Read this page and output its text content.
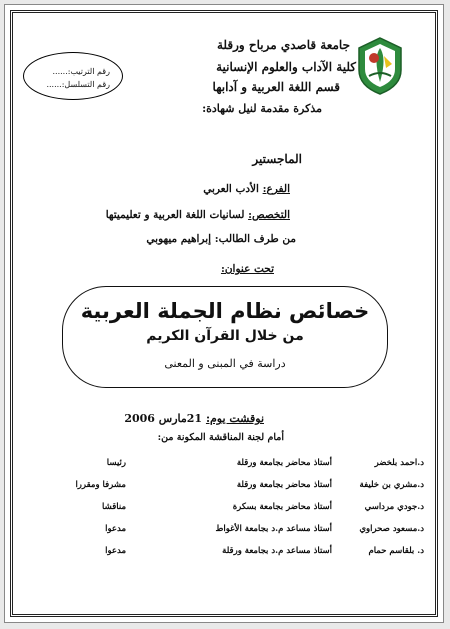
رقم الترتيب:......
رقم التسلسل:......
جامعة قاصدي مرباح ورقلة
كلية الآداب والعلوم الإنسانية
قسم اللغة العربية و آدابها
مذكرة مقدمة لنيل شهادة:
الماجستير
الفرع: الأدب العربي
التخصص: لسانيات اللغة العربية و تعليميتها
من طرف الطالب: إبراهيم ميهوبي
تحت عنوان:
خصائص نظام الجملة العربية
من خلال القرآن الكريم
دراسة في المبنى و المعنى
نوقشت يوم: 21مارس 2006
أمام لجنة المناقشة المكونة من:
د.احمد بلخضر	أستاذ محاضر بجامعة ورقلة	رئيسا
د.مشري بن خليفة	أستاذ محاضر بجامعة ورقلة	مشرفا ومقررا
د.جودي مرداسي	أستاذ محاضر بجامعة بسكرة	مناقشا
د.مسعود صحراوي	أستاذ مساعد م.د بجامعة الأغواط	مدعوا
د. بلقاسم حمام	أستاذ مساعد م.د بجامعة ورقلة	مدعوا
